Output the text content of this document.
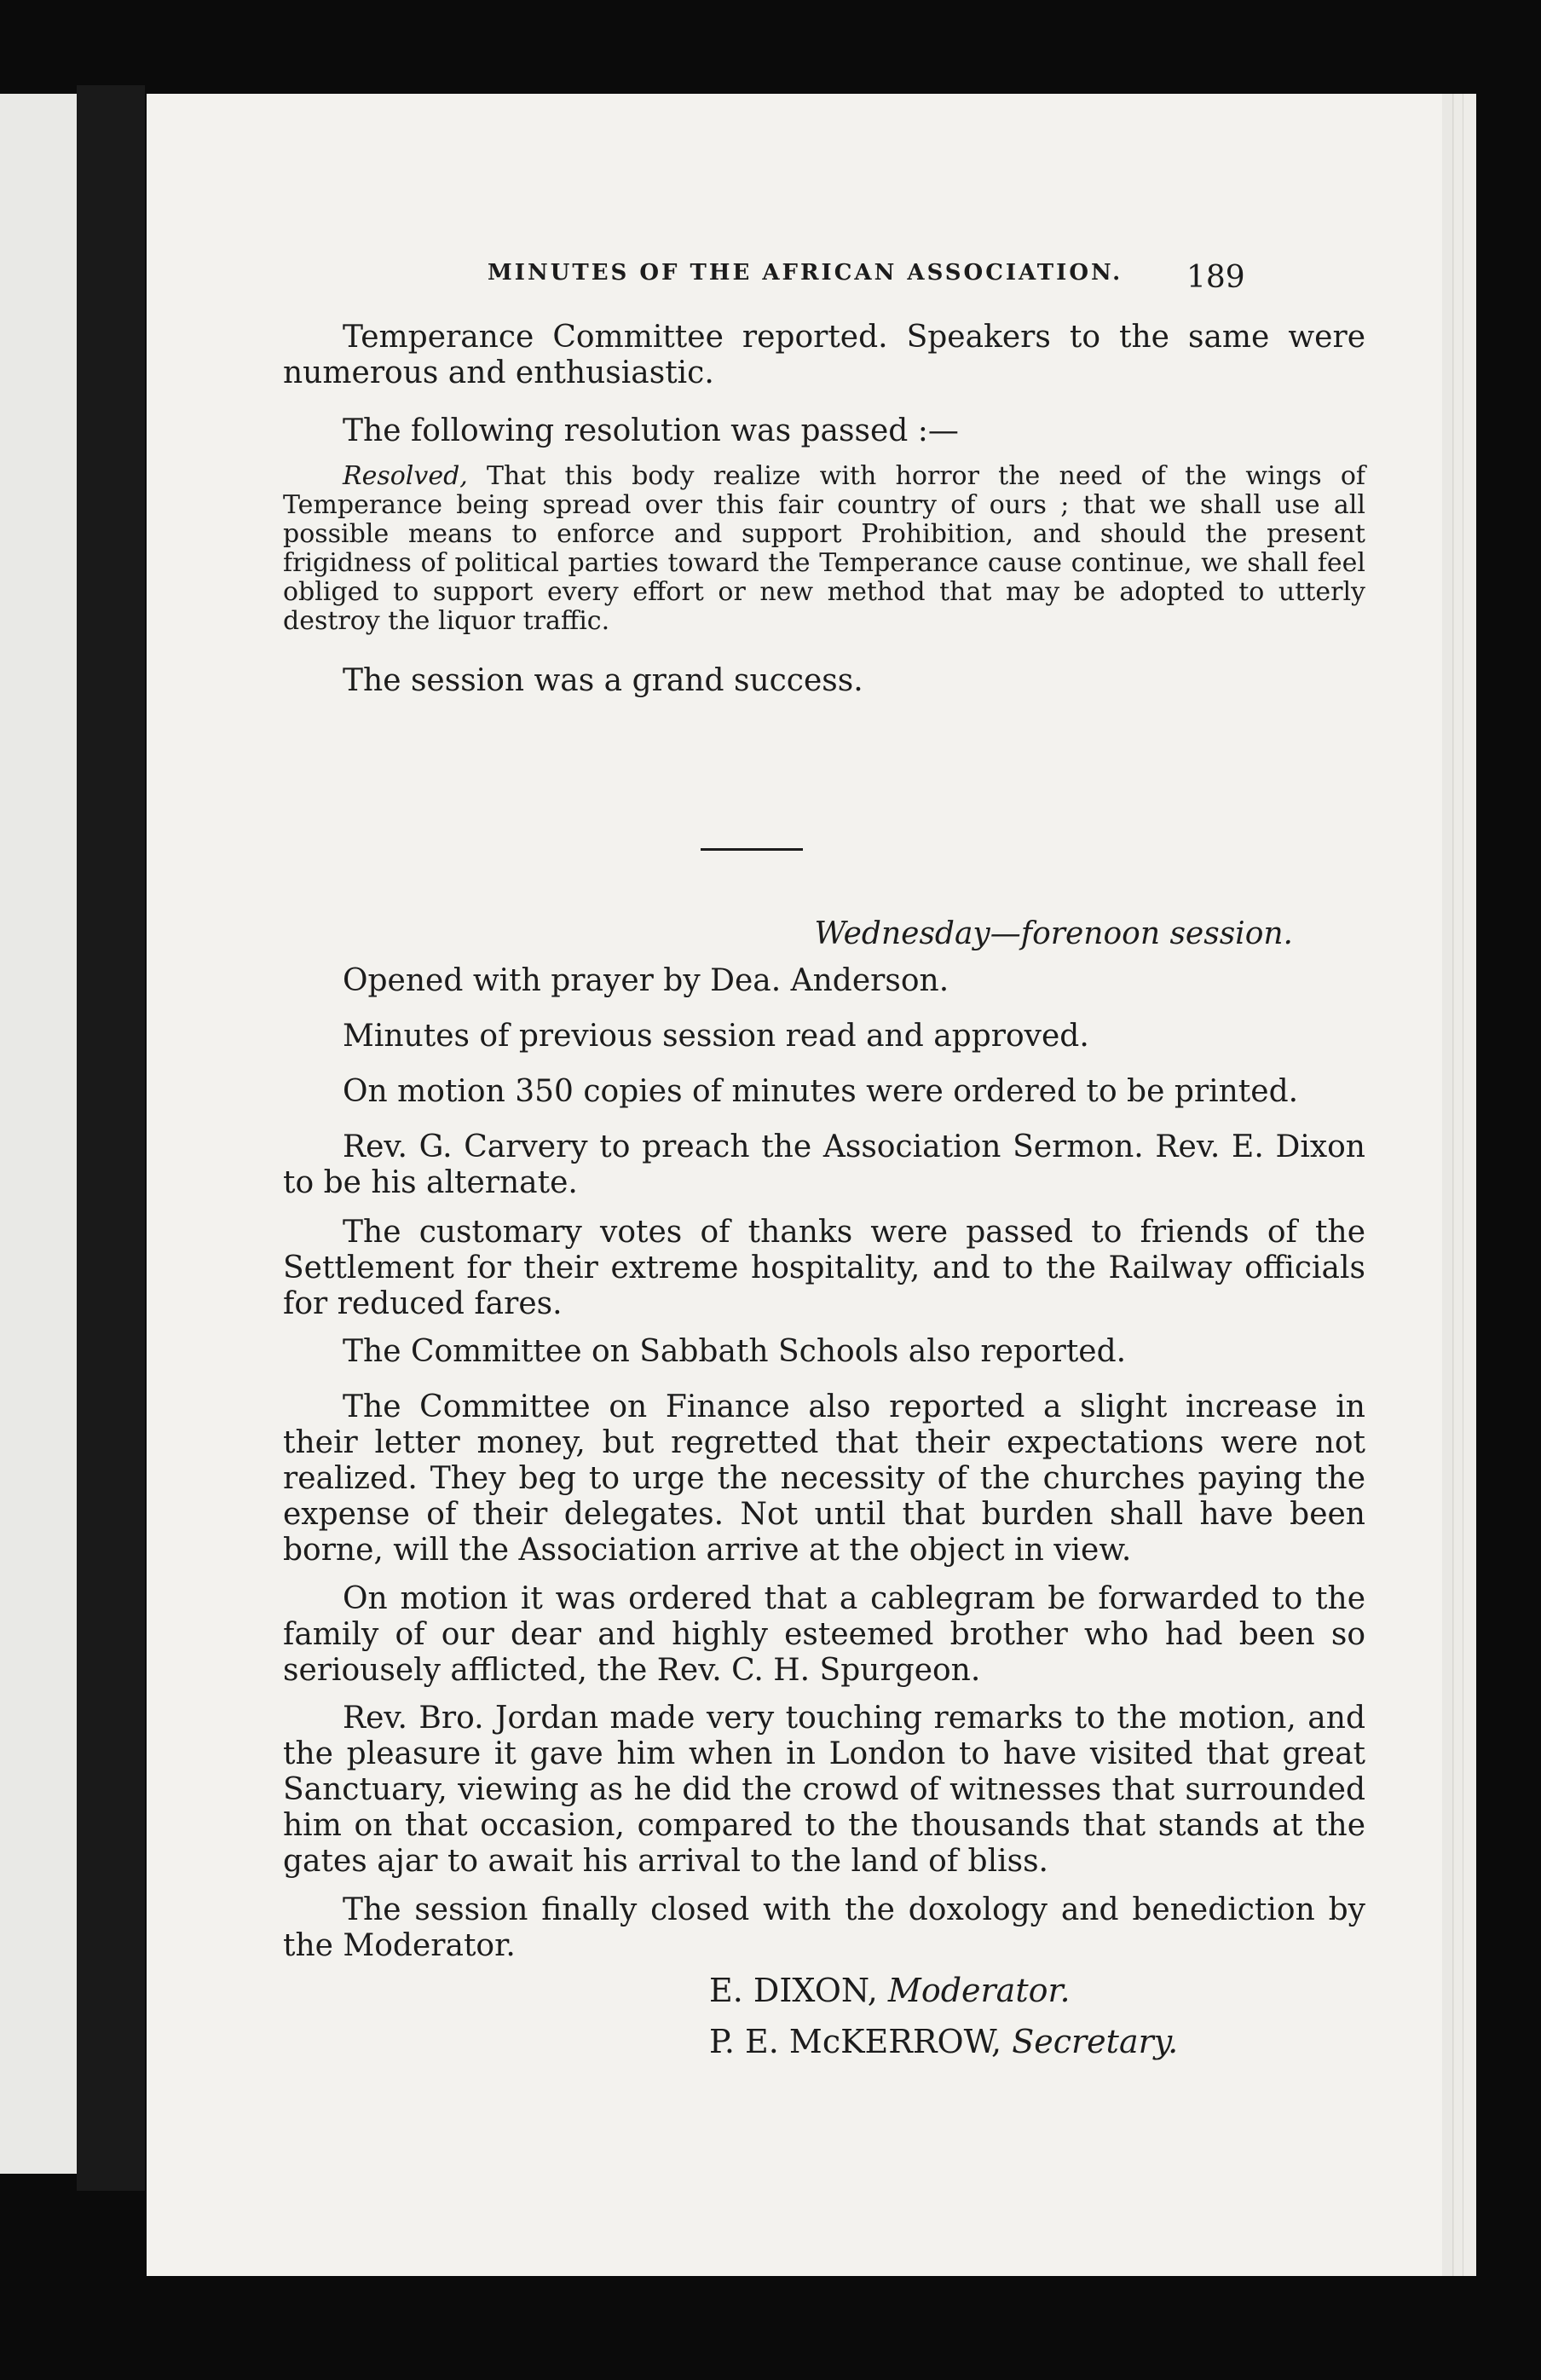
MINUTES OF THE AFRICAN ASSOCIATION. 189
Temperance Committee reported. Speakers to the same were numerous and enthusiastic.
The following resolution was passed :—
Resolved, That this body realize with horror the need of the wings of Temperance being spread over this fair country of ours ; that we shall use all possible means to enforce and support Prohibition, and should the present frigidness of political parties toward the Temperance cause continue, we shall feel obliged to support every effort or new method that may be adopted to utterly destroy the liquor traffic.
The session was a grand success.
Wednesday—forenoon session.
Opened with prayer by Dea. Anderson.
Minutes of previous session read and approved.
On motion 350 copies of minutes were ordered to be printed.
Rev. G. Carvery to preach the Association Sermon. Rev. E. Dixon to be his alternate.
The customary votes of thanks were passed to friends of the Settlement for their extreme hospitality, and to the Railway officials for reduced fares.
The Committee on Sabbath Schools also reported.
The Committee on Finance also reported a slight increase in their letter money, but regretted that their expectations were not realized. They beg to urge the necessity of the churches paying the expense of their delegates. Not until that burden shall have been borne, will the Association arrive at the object in view.
On motion it was ordered that a cablegram be forwarded to the family of our dear and highly esteemed brother who had been so seriousely afflicted, the Rev. C. H. Spurgeon.
Rev. Bro. Jordan made very touching remarks to the motion, and the pleasure it gave him when in London to have visited that great Sanctuary, viewing as he did the crowd of witnesses that surrounded him on that occasion, compared to the thousands that stands at the gates ajar to await his arrival to the land of bliss.
The session finally closed with the doxology and benediction by the Moderator.
E. DIXON, Moderator.
P. E. McKERROW, Secretary.
